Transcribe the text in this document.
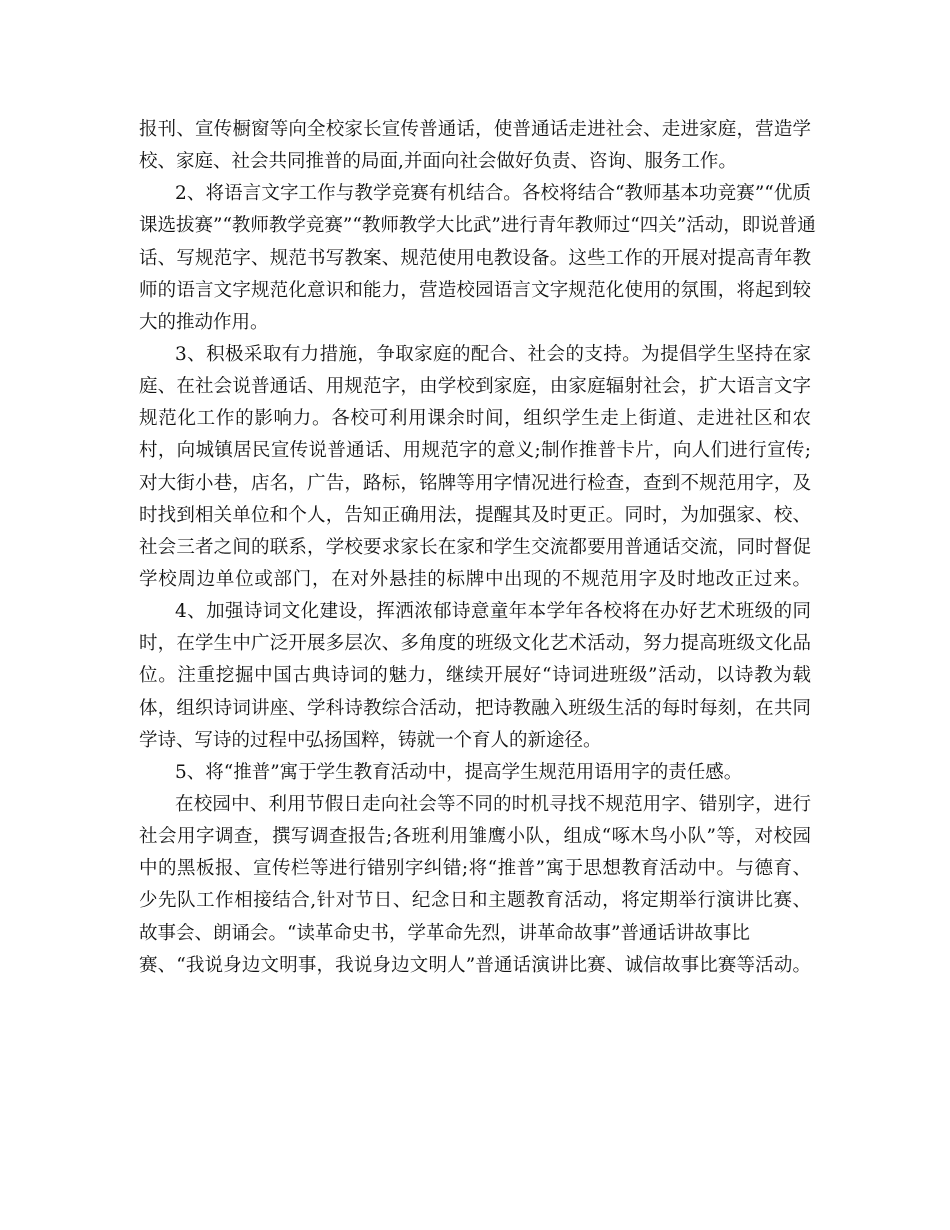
报刊、宣传橱窗等向全校家长宣传普通话，使普通话走进社会、走进家庭，营造学
校、家庭、社会共同推普的局面,并面向社会做好负责、咨询、服务工作。
2、将语言文字工作与教学竞赛有机结合。各校将结合“教师基本功竞赛”“优质
课选拔赛”“教师教学竞赛”“教师教学大比武”进行青年教师过“四关”活动，即说普通
话、写规范字、规范书写教案、规范使用电教设备。这些工作的开展对提高青年教
师的语言文字规范化意识和能力，营造校园语言文字规范化使用的氛围，将起到较
大的推动作用。
3、积极采取有力措施，争取家庭的配合、社会的支持。为提倡学生坚持在家
庭、在社会说普通话、用规范字，由学校到家庭，由家庭辐射社会，扩大语言文字
规范化工作的影响力。各校可利用课余时间，组织学生走上街道、走进社区和农
村，向城镇居民宣传说普通话、用规范字的意义;制作推普卡片，向人们进行宣传;
对大街小巷，店名，广告，路标，铭牌等用字情况进行检查，查到不规范用字，及
时找到相关单位和个人，告知正确用法，提醒其及时更正。同时，为加强家、校、
社会三者之间的联系，学校要求家长在家和学生交流都要用普通话交流，同时督促
学校周边单位或部门，在对外悬挂的标牌中出现的不规范用字及时地改正过来。
4、加强诗词文化建设，挥洒浓郁诗意童年本学年各校将在办好艺术班级的同
时，在学生中广泛开展多层次、多角度的班级文化艺术活动，努力提高班级文化品
位。注重挖掘中国古典诗词的魅力，继续开展好“诗词进班级”活动，以诗教为载
体，组织诗词讲座、学科诗教综合活动，把诗教融入班级生活的每时每刻，在共同
学诗、写诗的过程中弘扬国粹，铸就一个育人的新途径。
5、将“推普”寓于学生教育活动中，提高学生规范用语用字的责任感。
在校园中、利用节假日走向社会等不同的时机寻找不规范用字、错别字，进行
社会用字调查，撰写调查报告;各班利用雏鹰小队，组成“啄木鸟小队”等，对校园
中的黑板报、宣传栏等进行错别字纠错;将“推普”寓于思想教育活动中。与德育、
少先队工作相接结合,针对节日、纪念日和主题教育活动，将定期举行演讲比赛、
故事会、朗诵会。“读革命史书，学革命先烈，讲革命故事”普通话讲故事比
赛、“我说身边文明事，我说身边文明人”普通话演讲比赛、诚信故事比赛等活动。
